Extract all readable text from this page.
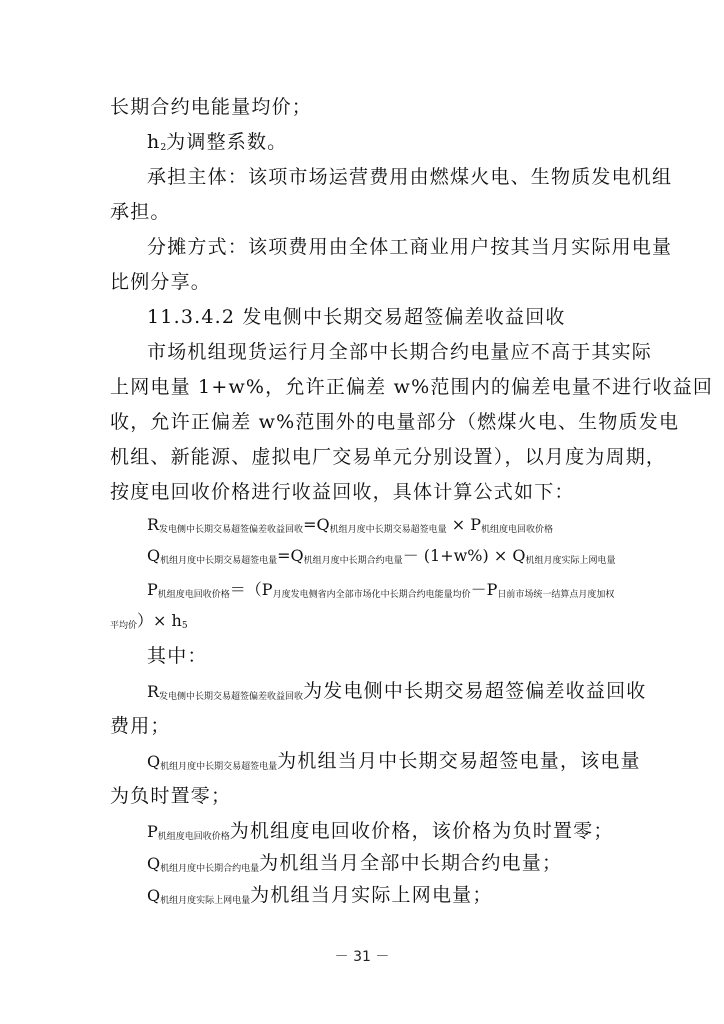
长期合约电能量均价；
$h_2$为调整系数。
承担主体：该项市场运营费用由燃煤火电、生物质发电机组
承担。
分摊方式：该项费用由全体工商业用户按其当月实际用电量
比例分享。
11.3.4.2 发电侧中长期交易超签偏差收益回收
市场机组现货运行月全部中长期合约电量应不高于其实际
上网电量 1+w%，允许正偏差 w%范围内的偏差电量不进行收益回
收，允许正偏差 w%范围外的电量部分（燃煤火电、生物质发电
机组、新能源、虚拟电厂交易单元分别设置），以月度为周期，
按度电回收价格进行收益回收，具体计算公式如下：
$R_{发电侧中长期交易超签偏差收益回收}=Q_{机组月度中长期交易超签电量} \times P_{机组度电回收价格}$
$Q_{机组月度中长期交易超签电量}=Q_{机组月度中长期合约电量}- (1+w\%) \times Q_{机组月度实际上网电量}$
$P_{机组度电回收价格}=(P_{月度发电侧省内全部市场化中长期合约电能量均价}-P_{日前市场统一结算点月度加权}$
$_{平均价})\times h_5$
其中：
$R_{发电侧中长期交易超签偏差收益回收}$为发电侧中长期交易超签偏差收益回收
费用；
$Q_{机组月度中长期交易超签电量}$为机组当月中长期交易超签电量，该电量
为负时置零；
$P_{机组度电回收价格}$为机组度电回收价格，该价格为负时置零；
$Q_{机组月度中长期合约电量}$为机组当月全部中长期合约电量；
$Q_{机组月度实际上网电量}$为机组当月实际上网电量；
－ 31 －
